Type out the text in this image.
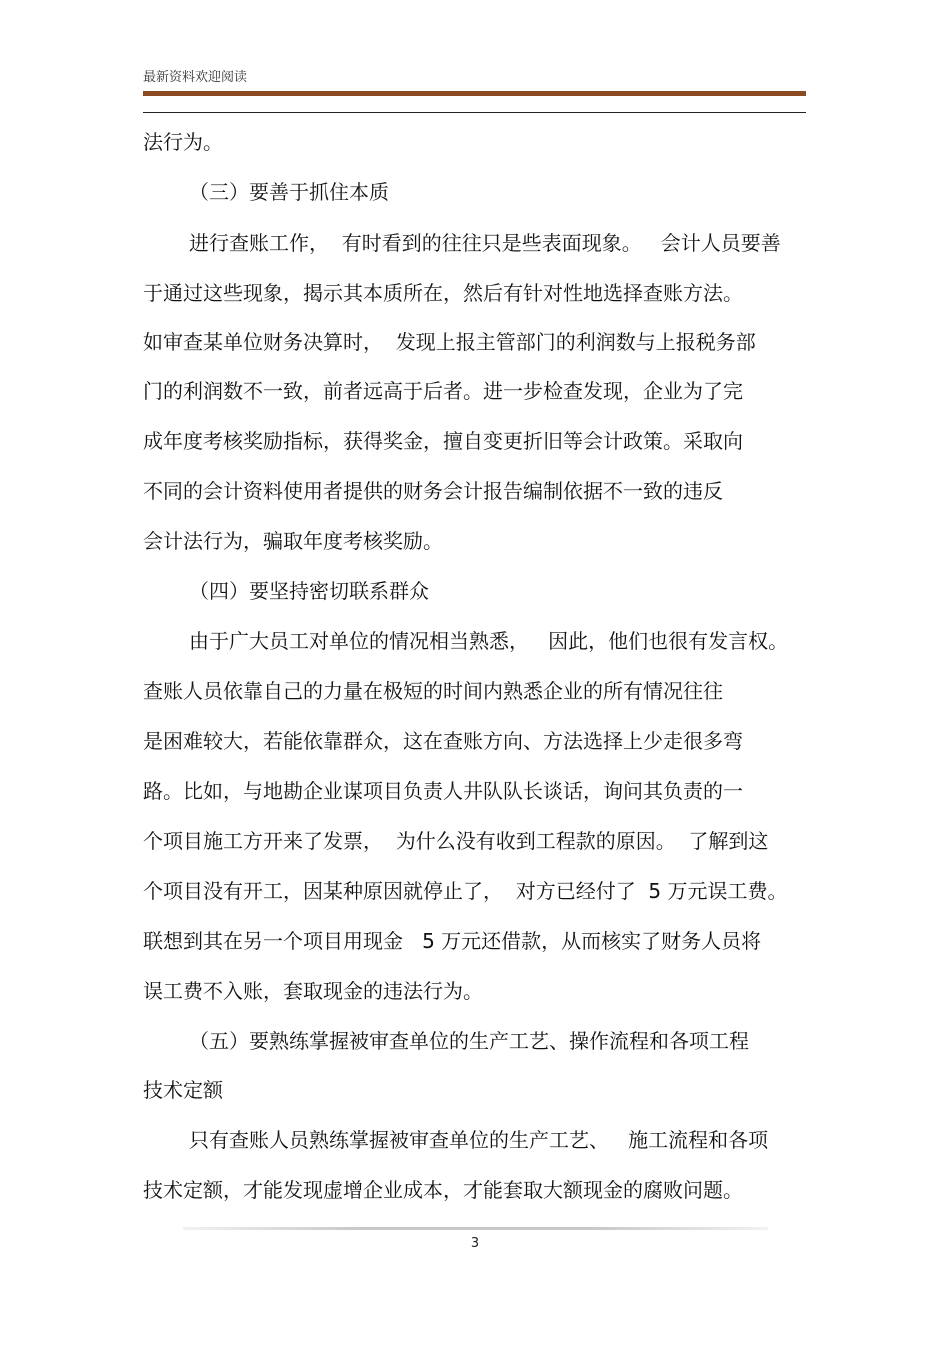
最新资料欢迎阅读
法行为。
（三）要善于抓住本质
进行查账工作，  有时看到的往往只是些表面现象。   会计人员要善
于通过这些现象，揭示其本质所在，然后有针对性地选择查账方法。
如审查某单位财务决算时，  发现上报主管部门的利润数与上报税务部
门的利润数不一致，前者远高于后者。进一步检查发现，企业为了完
成年度考核奖励指标，获得奖金，擅自变更折旧等会计政策。采取向
不同的会计资料使用者提供的财务会计报告编制依据不一致的违反
会计法行为，骗取年度考核奖励。
（四）要坚持密切联系群众
由于广大员工对单位的情况相当熟悉，   因此，他们也很有发言权。
查账人员依靠自己的力量在极短的时间内熟悉企业的所有情况往往
是困难较大，若能依靠群众，这在查账方向、方法选择上少走很多弯
路。比如，与地勘企业谋项目负责人井队队长谈话，询问其负责的一
个项目施工方开来了发票，  为什么没有收到工程款的原因。  了解到这
个项目没有开工，因某种原因就停止了，  对方已经付了  5 万元误工费。
联想到其在另一个项目用现金   5 万元还借款，从而核实了财务人员将
误工费不入账，套取现金的违法行为。
（五）要熟练掌握被审查单位的生产工艺、操作流程和各项工程
技术定额
只有查账人员熟练掌握被审查单位的生产工艺、   施工流程和各项
技术定额，才能发现虚增企业成本，才能套取大额现金的腐败问题。
3
